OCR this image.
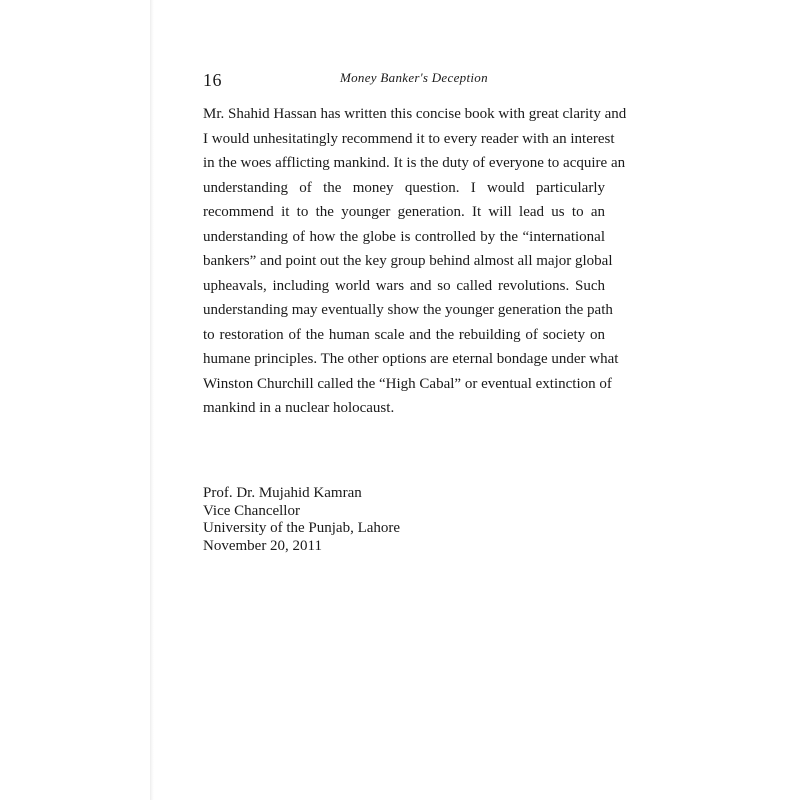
16	Money Banker's Deception
Mr. Shahid Hassan has written this concise book with great clarity and
I would unhesitatingly recommend it to every reader with an interest
in the woes afflicting mankind. It is the duty of everyone to acquire an
understanding of the money question. I would particularly
recommend it to the younger generation. It will lead us to an
understanding of how the globe is controlled by the “international
bankers” and point out the key group behind almost all major global
upheavals, including world wars and so called revolutions. Such
understanding may eventually show the younger generation the path
to restoration of the human scale and the rebuilding of society on
humane principles. The other options are eternal bondage under what
Winston Churchill called the “High Cabal” or eventual extinction of
mankind in a nuclear holocaust.
Prof. Dr. Mujahid Kamran
Vice Chancellor
University of the Punjab, Lahore
November 20, 2011
